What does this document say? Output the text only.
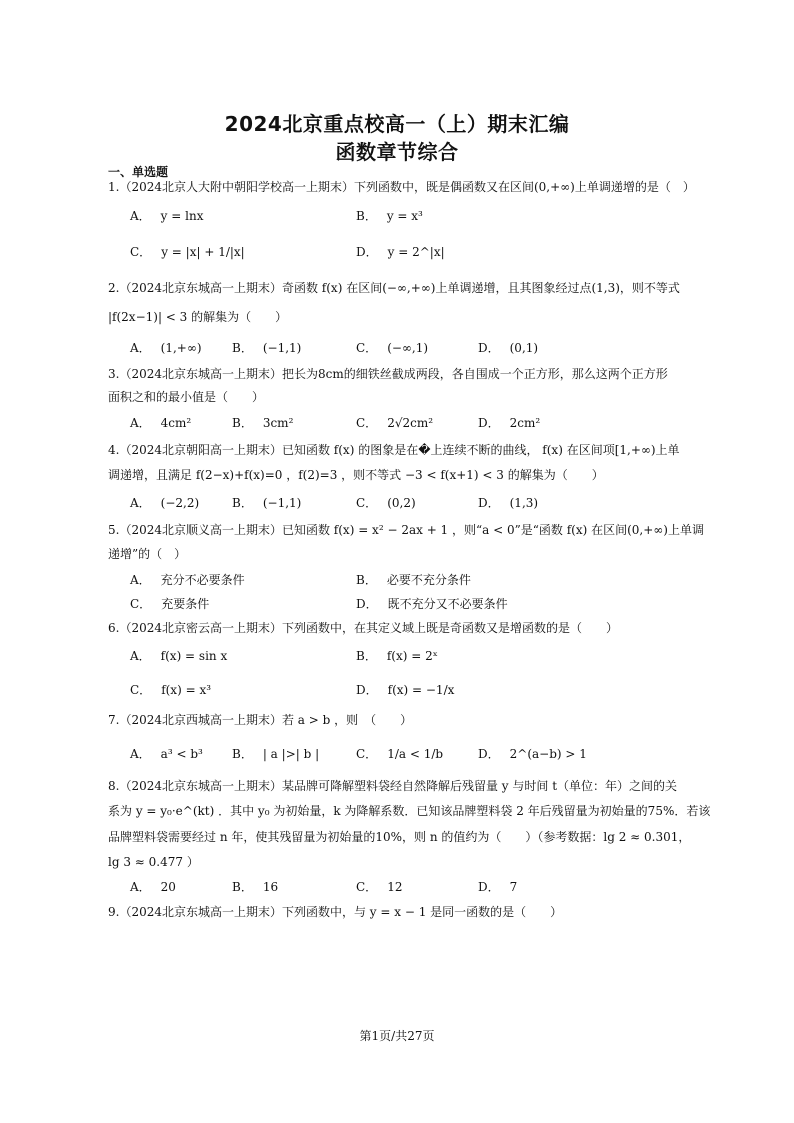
2024北京重点校高一（上）期末汇编
函数章节综合
一、单选题
1.（2024北京人大附中朝阳学校高一上期末）下列函数中，既是偶函数又在区间(0,+∞)上单调递增的是（　）
A． y = lnx	B． y = x³
C． y = |x| + 1/|x|	D． y = 2^|x|
2.（2024北京东城高一上期末）奇函数 f(x) 在区间(−∞,+∞)上单调递增，且其图象经过点(1,3)，则不等式
|f(2x−1)| < 3 的解集为（　　）
A． (1,+∞)	B． (−1,1)	C． (−∞,1)	D． (0,1)
3.（2024北京东城高一上期末）把长为8cm的细铁丝截成两段，各自围成一个正方形，那么这两个正方形
面积之和的最小值是（　　）
A． 4cm²	B． 3cm²	C． 2√2cm²	D． 2cm²
4.（2024北京朝阳高一上期末）已知函数 f(x) 的图象是在�上连续不断的曲线， f(x) 在区间项[1,+∞)上单
调递增，且满足 f(2−x)+f(x)=0 ，f(2)=3 ，则不等式 −3 < f(x+1) < 3 的解集为（　　）
A． (−2,2)	B． (−1,1)	C． (0,2)	D． (1,3)
5.（2024北京顺义高一上期末）已知函数 f(x) = x² − 2ax + 1 ，则“a < 0”是“函数 f(x) 在区间(0,+∞)上单调
递增”的（　）
A． 充分不必要条件	B． 必要不充分条件
C． 充要条件	D． 既不充分又不必要条件
6.（2024北京密云高一上期末）下列函数中，在其定义域上既是奇函数又是增函数的是（　　）
A． f(x) = sin x	B． f(x) = 2ˣ
C． f(x) = x³	D． f(x) = −1/x
7.（2024北京西城高一上期末）若 a > b ，则　（　　）
A． a³ < b³ B． | a |>| b |	C． 1/a < 1/b	D． 2^(a−b) > 1
8.（2024北京东城高一上期末）某品牌可降解塑料袋经自然降解后残留量 y 与时间 t（单位：年）之间的关
系为 y = y₀·e^(kt) ．其中 y₀ 为初始量，k 为降解系数．已知该品牌塑料袋 2 年后残留量为初始量的75%．若该
品牌塑料袋需要经过 n 年，使其残留量为初始量的10%，则 n 的值约为（　　）（参考数据：lg 2 ≈ 0.301，
lg 3 ≈ 0.477 ）
A． 20	B． 16	C． 12	D． 7
9.（2024北京东城高一上期末）下列函数中，与 y = x − 1 是同一函数的是（　　）
第1页/共27页
